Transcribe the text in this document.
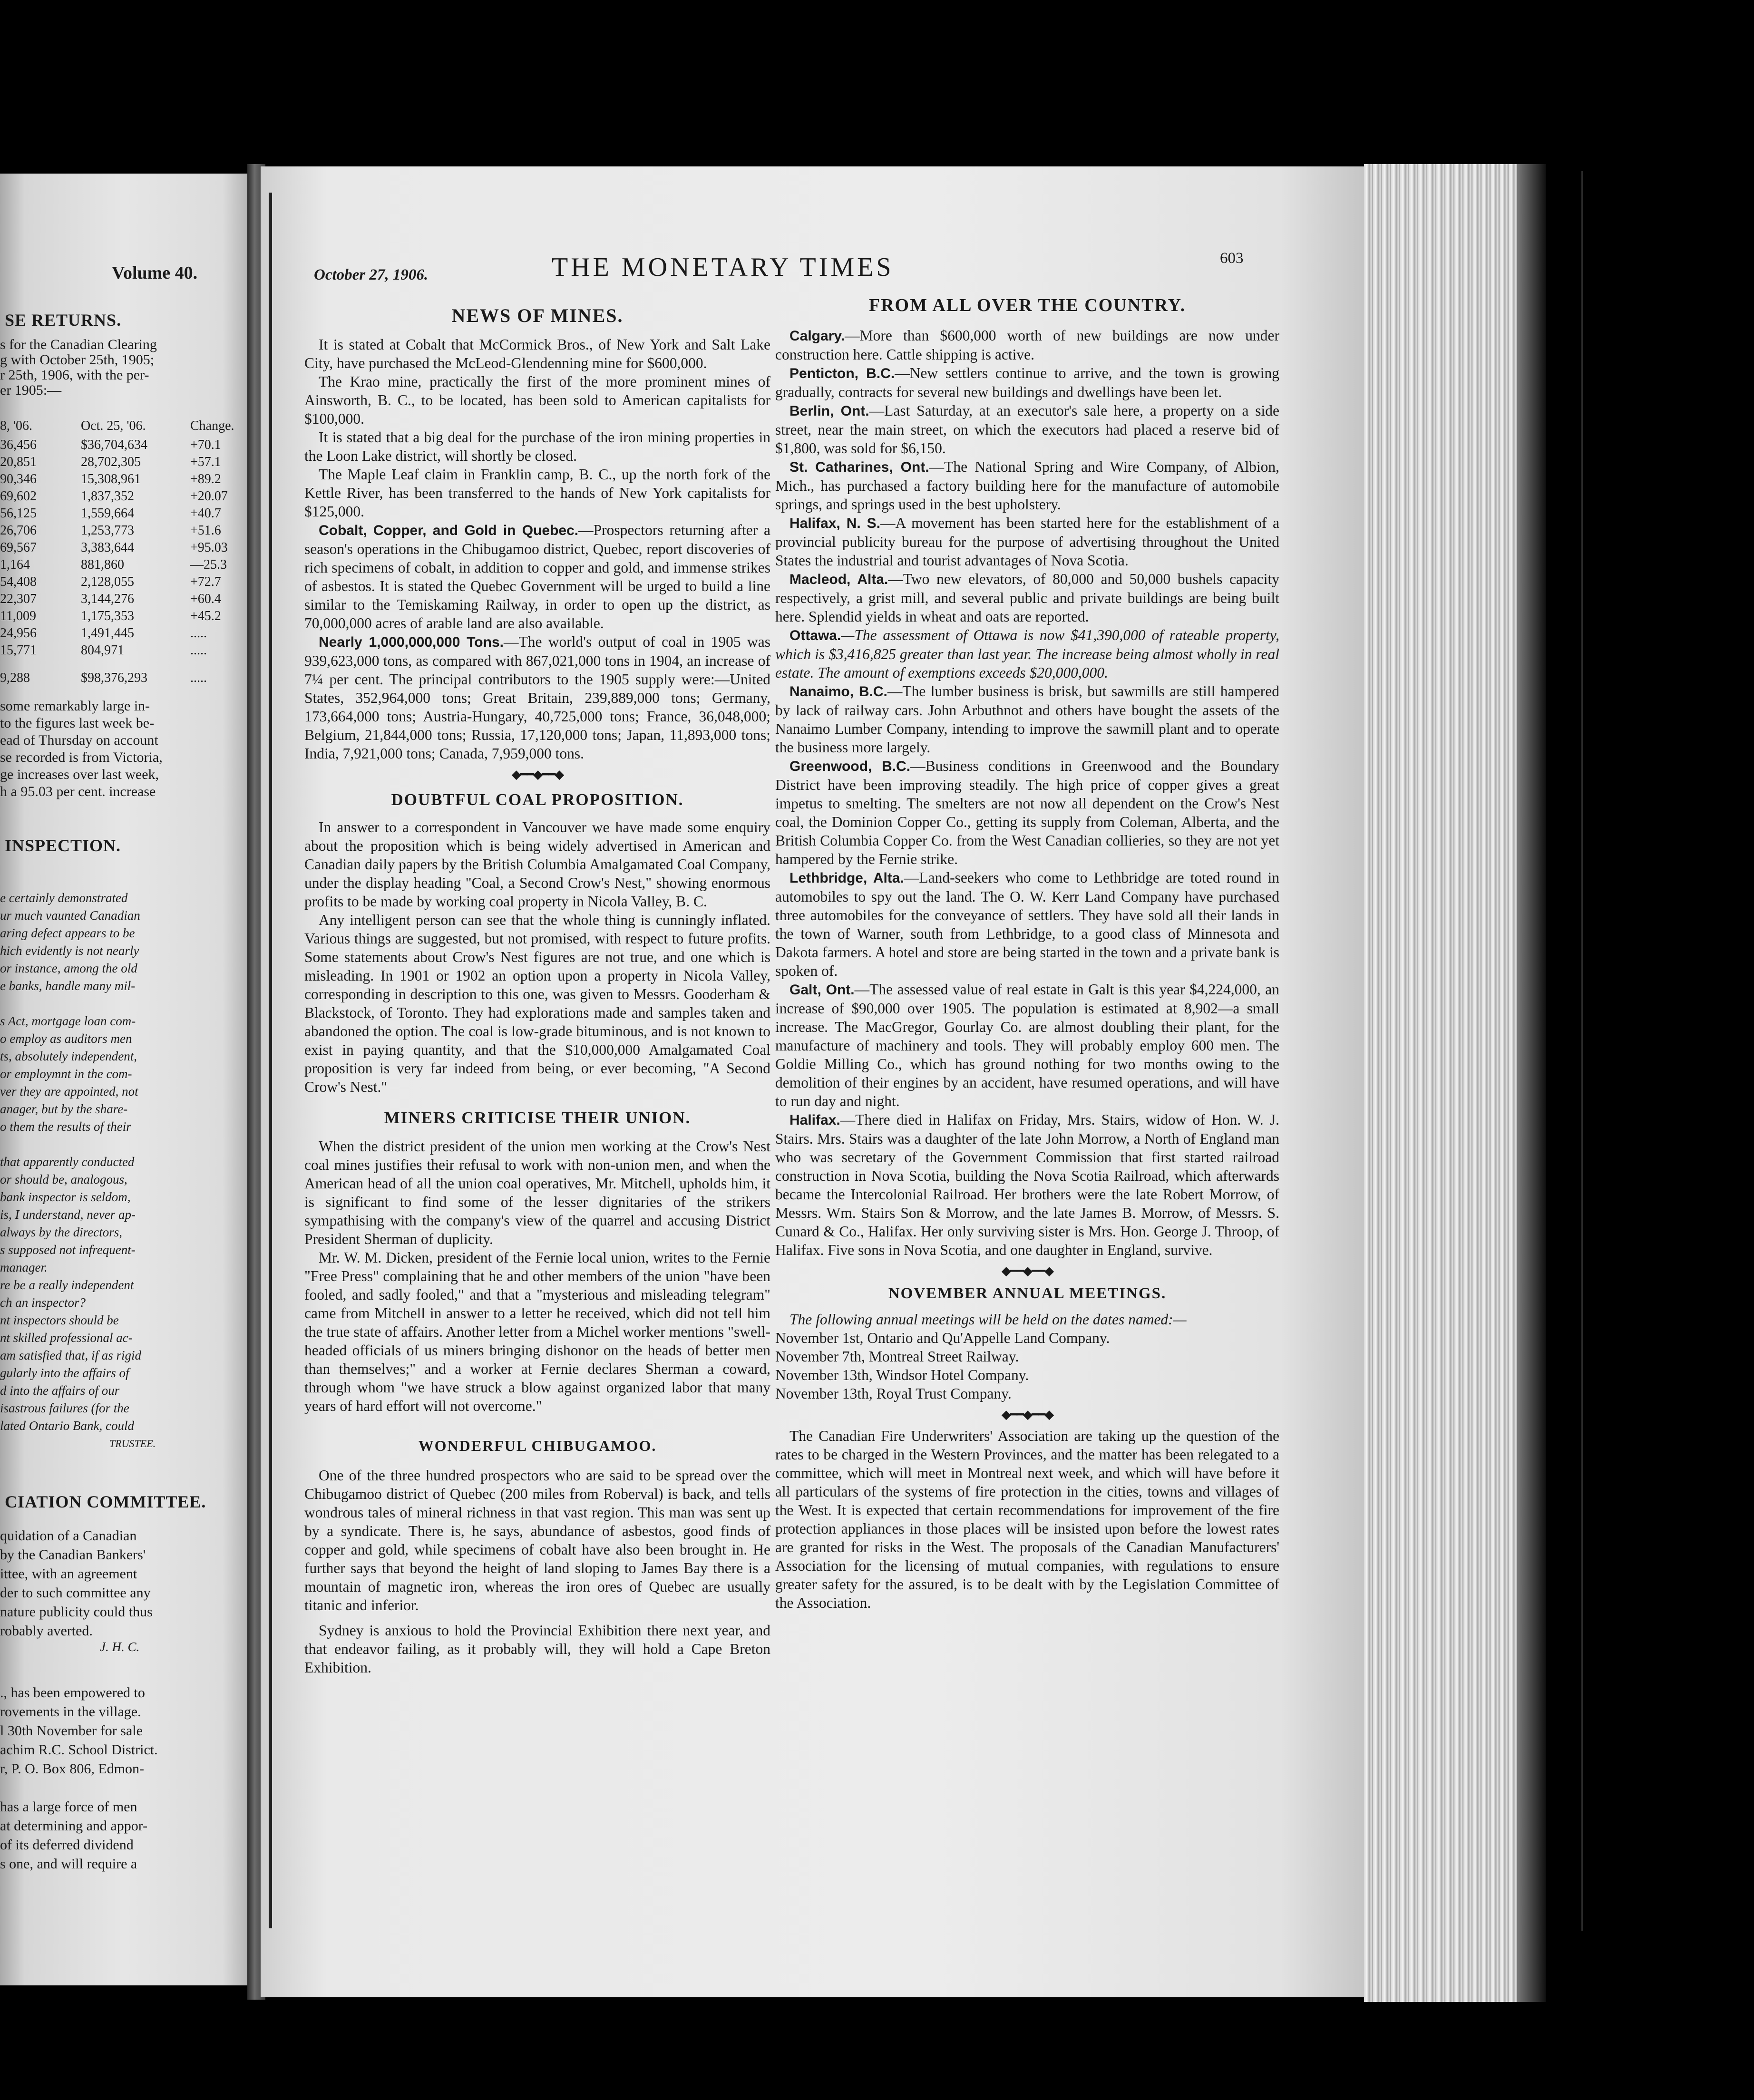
Volume 40.
SE RETURNS.
s for the Canadian Clearing
g with October 25th, 1905;
r 25th, 1906, with the per-
er 1905:—
8, '06.	Oct. 25, '06.	Change.
36,456	$36,704,634	+70.1
20,851	28,702,305	+57.1
90,346	15,308,961	+89.2
69,602	1,837,352	+20.07
56,125	1,559,664	+40.7
26,706	1,253,773	+51.6
69,567	3,383,644	+95.03
1,164	881,860	—25.3
54,408	2,128,055	+72.7
22,307	3,144,276	+60.4
11,009	1,175,353	+45.2
24,956	1,491,445	.....
15,771	804,971	.....
9,288	$98,376,293	.....
some remarkably large in-
to the figures last week be-
ead of Thursday on account
se recorded is from Victoria,
ge increases over last week,
h a 95.03 per cent. increase
INSPECTION.
e certainly demonstrated
ur much vaunted Canadian
aring defect appears to be
hich evidently is not nearly
or instance, among the old
e banks, handle many mil-
s Act, mortgage loan com-
o employ as auditors men
ts, absolutely independent,
or employmnt in the com-
ver they are appointed, not
anager, but by the share-
o them the results of their
that apparently conducted
or should be, analogous,
bank inspector is seldom,
is, I understand, never ap-
always by the directors,
s supposed not infrequent-
manager.
re be a really independent
ch an inspector?
nt inspectors should be
nt skilled professional ac-
am satisfied that, if as rigid
gularly into the affairs of
d into the affairs of our
isastrous failures (for the
lated Ontario Bank, could
TRUSTEE.
CIATION COMMITTEE.
quidation of a Canadian
by the Canadian Bankers'
ittee, with an agreement
der to such committee any
nature publicity could thus
robably averted.
J. H. C.
., has been empowered to
rovements in the village.
l 30th November for sale
achim R.C. School District.
r, P. O. Box 806, Edmon-
has a large force of men
at determining and appor-
of its deferred dividend
s one, and will require a
October 27, 1906.	THE MONETARY TIMES	603
NEWS OF MINES.

It is stated at Cobalt that McCormick Bros., of New York and Salt Lake City, have purchased the McLeod-Glendenning mine for $600,000.

The Krao mine, practically the first of the more prominent mines of Ainsworth, B. C., to be located, has been sold to American capitalists for $100,000.

It is stated that a big deal for the purchase of the iron mining properties in the Loon Lake district, will shortly be closed.

The Maple Leaf claim in Franklin camp, B. C., up the north fork of the Kettle River, has been transferred to the hands of New York capitalists for $125,000.

Cobalt, Copper, and Gold in Quebec.—Prospectors returning after a season's operations in the Chibugamoo district, Quebec, report discoveries of rich specimens of cobalt, in addition to copper and gold, and immense strikes of asbestos. It is stated the Quebec Government will be urged to build a line similar to the Temiskaming Railway, in order to open up the district, as 70,000,000 acres of arable land are also available.

Nearly 1,000,000,000 Tons.—The world's output of coal in 1905 was 939,623,000 tons, as compared with 867,021,000 tons in 1904, an increase of 7¼ per cent. The principal contributors to the 1905 supply were:—United States, 352,964,000 tons; Great Britain, 239,889,000 tons; Germany, 173,664,000 tons; Austria-Hungary, 40,725,000 tons; France, 36,048,000; Belgium, 21,844,000 tons; Russia, 17,120,000 tons; Japan, 11,893,000 tons; India, 7,921,000 tons; Canada, 7,959,000 tons.

◆━━◆━━◆
DOUBTFUL COAL PROPOSITION.

In answer to a correspondent in Vancouver we have made some enquiry about the proposition which is being widely advertised in American and Canadian daily papers by the British Columbia Amalgamated Coal Company, under the display heading "Coal, a Second Crow's Nest," showing enormous profits to be made by working coal property in Nicola Valley, B. C.

Any intelligent person can see that the whole thing is cunningly inflated. Various things are suggested, but not promised, with respect to future profits. Some statements about Crow's Nest figures are not true, and one which is misleading. In 1901 or 1902 an option upon a property in Nicola Valley, corresponding in description to this one, was given to Messrs. Gooderham & Blackstock, of Toronto. They had explorations made and samples taken and abandoned the option. The coal is low-grade bituminous, and is not known to exist in paying quantity, and that the $10,000,000 Amalgamated Coal proposition is very far indeed from being, or ever becoming, "A Second Crow's Nest."

MINERS CRITICISE THEIR UNION.

When the district president of the union men working at the Crow's Nest coal mines justifies their refusal to work with non-union men, and when the American head of all the union coal operatives, Mr. Mitchell, upholds him, it is significant to find some of the lesser dignitaries of the strikers sympathising with the company's view of the quarrel and accusing District President Sherman of duplicity.

Mr. W. M. Dicken, president of the Fernie local union, writes to the Fernie "Free Press" complaining that he and other members of the union "have been fooled, and sadly fooled," and that a "mysterious and misleading telegram" came from Mitchell in answer to a letter he received, which did not tell him the true state of affairs. Another letter from a Michel worker mentions "swell-headed officials of us miners bringing dishonor on the heads of better men than themselves;" and a worker at Fernie declares Sherman a coward, through whom "we have struck a blow against organized labor that many years of hard effort will not overcome."

WONDERFUL CHIBUGAMOO.

One of the three hundred prospectors who are said to be spread over the Chibugamoo district of Quebec (200 miles from Roberval) is back, and tells wondrous tales of mineral richness in that vast region. This man was sent up by a syndicate. There is, he says, abundance of asbestos, good finds of copper and gold, while specimens of cobalt have also been brought in. He further says that beyond the height of land sloping to James Bay there is a mountain of magnetic iron, whereas the iron ores of Quebec are usually titanic and inferior.

Sydney is anxious to hold the Provincial Exhibition there next year, and that endeavor failing, as it probably will, they will hold a Cape Breton Exhibition.

FROM ALL OVER THE COUNTRY.

Calgary.—More than $600,000 worth of new buildings are now under construction here. Cattle shipping is active.

Penticton, B.C.—New settlers continue to arrive, and the town is growing gradually, contracts for several new buildings and dwellings have been let.

Berlin, Ont.—Last Saturday, at an executor's sale here, a property on a side street, near the main street, on which the executors had placed a reserve bid of $1,800, was sold for $6,150.

St. Catharines, Ont.—The National Spring and Wire Company, of Albion, Mich., has purchased a factory building here for the manufacture of automobile springs, and springs used in the best upholstery.

Halifax, N. S.—A movement has been started here for the establishment of a provincial publicity bureau for the purpose of advertising throughout the United States the industrial and tourist advantages of Nova Scotia.

Macleod, Alta.—Two new elevators, of 80,000 and 50,000 bushels capacity respectively, a grist mill, and several public and private buildings are being built here. Splendid yields in wheat and oats are reported.

Ottawa.—The assessment of Ottawa is now $41,390,000 of rateable property, which is $3,416,825 greater than last year. The increase being almost wholly in real estate. The amount of exemptions exceeds $20,000,000.

Nanaimo, B.C.—The lumber business is brisk, but sawmills are still hampered by lack of railway cars. John Arbuthnot and others have bought the assets of the Nanaimo Lumber Company, intending to improve the sawmill plant and to operate the business more largely.

Greenwood, B.C.—Business conditions in Greenwood and the Boundary District have been improving steadily. The high price of copper gives a great impetus to smelting. The smelters are not now all dependent on the Crow's Nest coal, the Dominion Copper Co., getting its supply from Coleman, Alberta, and the British Columbia Copper Co. from the West Canadian collieries, so they are not yet hampered by the Fernie strike.

Lethbridge, Alta.—Land-seekers who come to Lethbridge are toted round in automobiles to spy out the land. The O. W. Kerr Land Company have purchased three automobiles for the conveyance of settlers. They have sold all their lands in the town of Warner, south from Lethbridge, to a good class of Minnesota and Dakota farmers. A hotel and store are being started in the town and a private bank is spoken of.

Galt, Ont.—The assessed value of real estate in Galt is this year $4,224,000, an increase of $90,000 over 1905. The population is estimated at 8,902—a small increase. The MacGregor, Gourlay Co. are almost doubling their plant, for the manufacture of machinery and tools. They will probably employ 600 men. The Goldie Milling Co., which has ground nothing for two months owing to the demolition of their engines by an accident, have resumed operations, and will have to run day and night.

Halifax.—There died in Halifax on Friday, Mrs. Stairs, widow of Hon. W. J. Stairs. Mrs. Stairs was a daughter of the late John Morrow, a North of England man who was secretary of the Government Commission that first started railroad construction in Nova Scotia, building the Nova Scotia Railroad, which afterwards became the Intercolonial Railroad. Her brothers were the late Robert Morrow, of Messrs. Wm. Stairs Son & Morrow, and the late James B. Morrow, of Messrs. S. Cunard & Co., Halifax. Her only surviving sister is Mrs. Hon. George J. Throop, of Halifax. Five sons in Nova Scotia, and one daughter in England, survive.

◆━━◆━━◆
NOVEMBER ANNUAL MEETINGS.

The following annual meetings will be held on the dates named:—

November 1st, Ontario and Qu'Appelle Land Company.

November 7th, Montreal Street Railway.

November 13th, Windsor Hotel Company.

November 13th, Royal Trust Company.

◆━━◆━━◆

The Canadian Fire Underwriters' Association are taking up the question of the rates to be charged in the Western Provinces, and the matter has been relegated to a committee, which will meet in Montreal next week, and which will have before it all particulars of the systems of fire protection in the cities, towns and villages of the West. It is expected that certain recommendations for improvement of the fire protection appliances in those places will be insisted upon before the lowest rates are granted for risks in the West. The proposals of the Canadian Manufacturers' Association for the licensing of mutual companies, with regulations to ensure greater safety for the assured, is to be dealt with by the Legislation Committee of the Association.
